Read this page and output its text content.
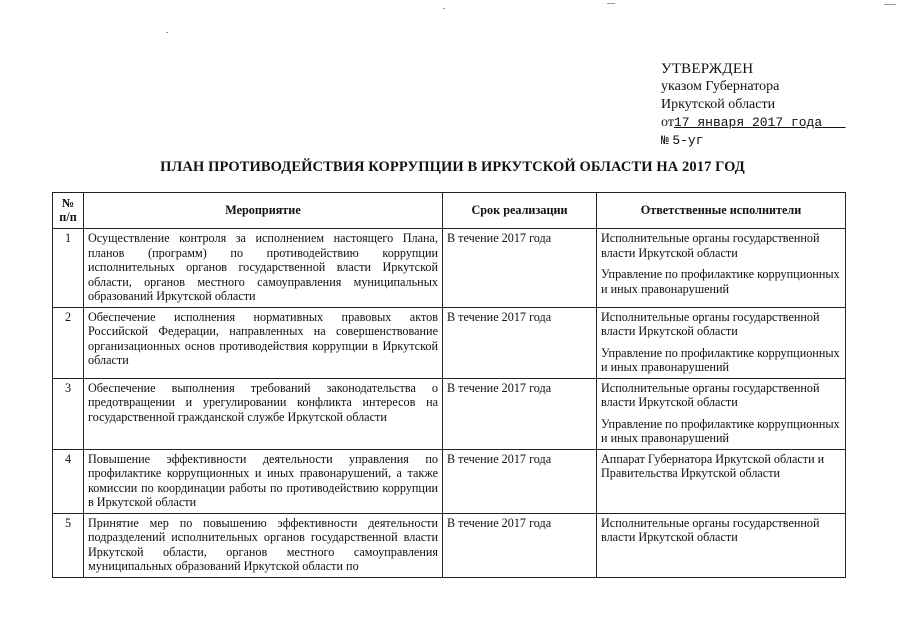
УТВЕРЖДЕН
указом Губернатора
Иркутской области
от17 января 2017 года
№ 5-уг
ПЛАН ПРОТИВОДЕЙСТВИЯ КОРРУПЦИИ В ИРКУТСКОЙ ОБЛАСТИ НА 2017 ГОД
№
п/п	Мероприятие	Срок реализации	Ответственные исполнители
1	Осуществление контроля за исполнением настоящего Плана, планов (программ) по противодействию коррупции исполнительных органов государственной власти Иркутской области, органов местного самоуправления муниципальных образований Иркутской области	В течение 2017 года	Исполнительные органы государственной власти Иркутской области
Управление по профилактике коррупционных и иных правонарушений

2	Обеспечение исполнения нормативных правовых актов Российской Федерации, направленных на совершенствование организационных основ противодействия коррупции в Иркутской области	В течение 2017 года	Исполнительные органы государственной власти Иркутской области
Управление по профилактике коррупционных и иных правонарушений

3	Обеспечение выполнения требований законодательства о предотвращении и урегулировании конфликта интересов на государственной гражданской службе Иркутской области	В течение 2017 года	Исполнительные органы государственной власти Иркутской области
Управление по профилактике коррупционных и иных правонарушений

4	Повышение эффективности деятельности управления по профилактике коррупционных и иных правонарушений, а также комиссии по координации работы по противодействию коррупции в Иркутской области	В течение 2017 года	Аппарат Губернатора Иркутской области и Правительства Иркутской области

5	Принятие мер по повышению эффективности деятельности подразделений исполнительных органов государственной власти Иркутской области, органов местного самоуправления муниципальных образований Иркутской области по	В течение 2017 года	Исполнительные органы государственной власти Иркутской области
